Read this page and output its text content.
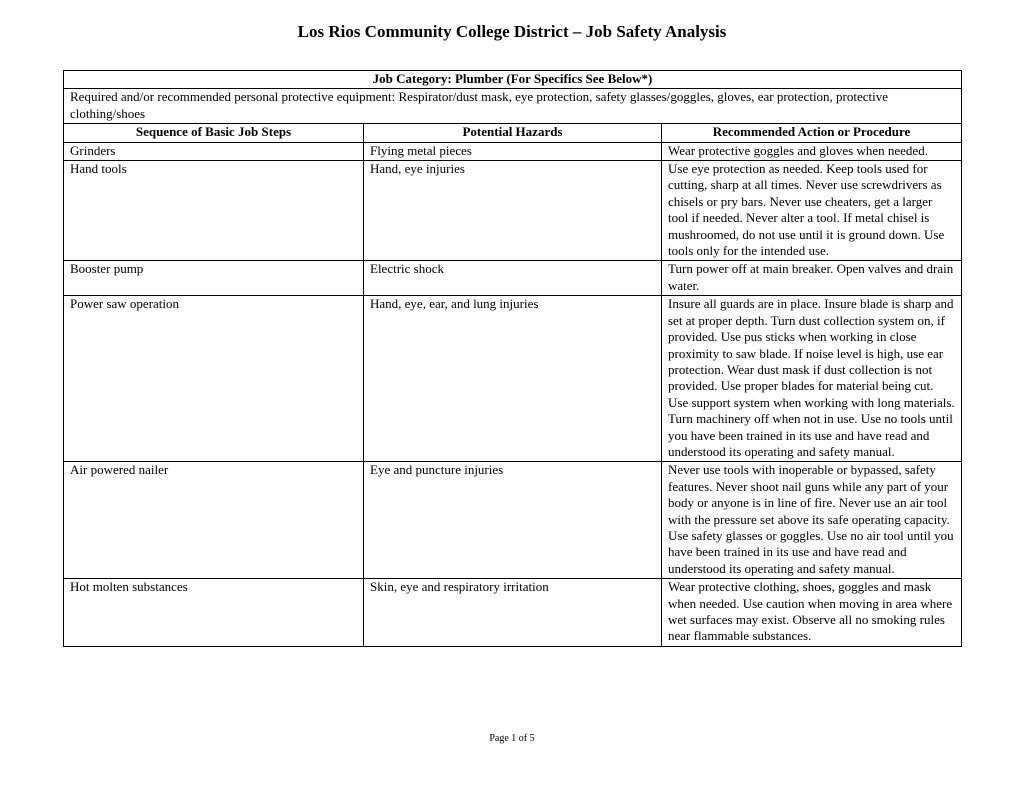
Los Rios Community College District – Job Safety Analysis
Job Category: Plumber (For Specifics See Below*)		
Required and/or recommended personal protective equipment: Respirator/dust mask, eye protection, safety glasses/goggles, gloves, ear protection, protective clothing/shoes		
Sequence of Basic Job Steps	Potential Hazards	Recommended Action or Procedure
Grinders	Flying metal pieces	Wear protective goggles and gloves when needed.
Hand tools	Hand, eye injuries	Use eye protection as needed. Keep tools used for cutting, sharp at all times. Never use screwdrivers as chisels or pry bars. Never use cheaters, get a larger tool if needed. Never alter a tool. If metal chisel is mushroomed, do not use until it is ground down. Use tools only for the intended use.
Booster pump	Electric shock	Turn power off at main breaker. Open valves and drain water.
Power saw operation	Hand, eye, ear, and lung injuries	Insure all guards are in place. Insure blade is sharp and set at proper depth. Turn dust collection system on, if provided. Use pus sticks when working in close proximity to saw blade. If noise level is high, use ear protection. Wear dust mask if dust collection is not provided. Use proper blades for material being cut. Use support system when working with long materials. Turn machinery off when not in use. Use no tools until you have been trained in its use and have read and understood its operating and safety manual.
Air powered nailer	Eye and puncture injuries	Never use tools with inoperable or bypassed, safety features. Never shoot nail guns while any part of your body or anyone is in line of fire. Never use an air tool with the pressure set above its safe operating capacity. Use safety glasses or goggles. Use no air tool until you have been trained in its use and have read and understood its operating and safety manual.
Hot molten substances	Skin, eye and respiratory irritation	Wear protective clothing, shoes, goggles and mask when needed. Use caution when moving in area where wet surfaces may exist. Observe all no smoking rules near flammable substances.
Page 1 of 5
